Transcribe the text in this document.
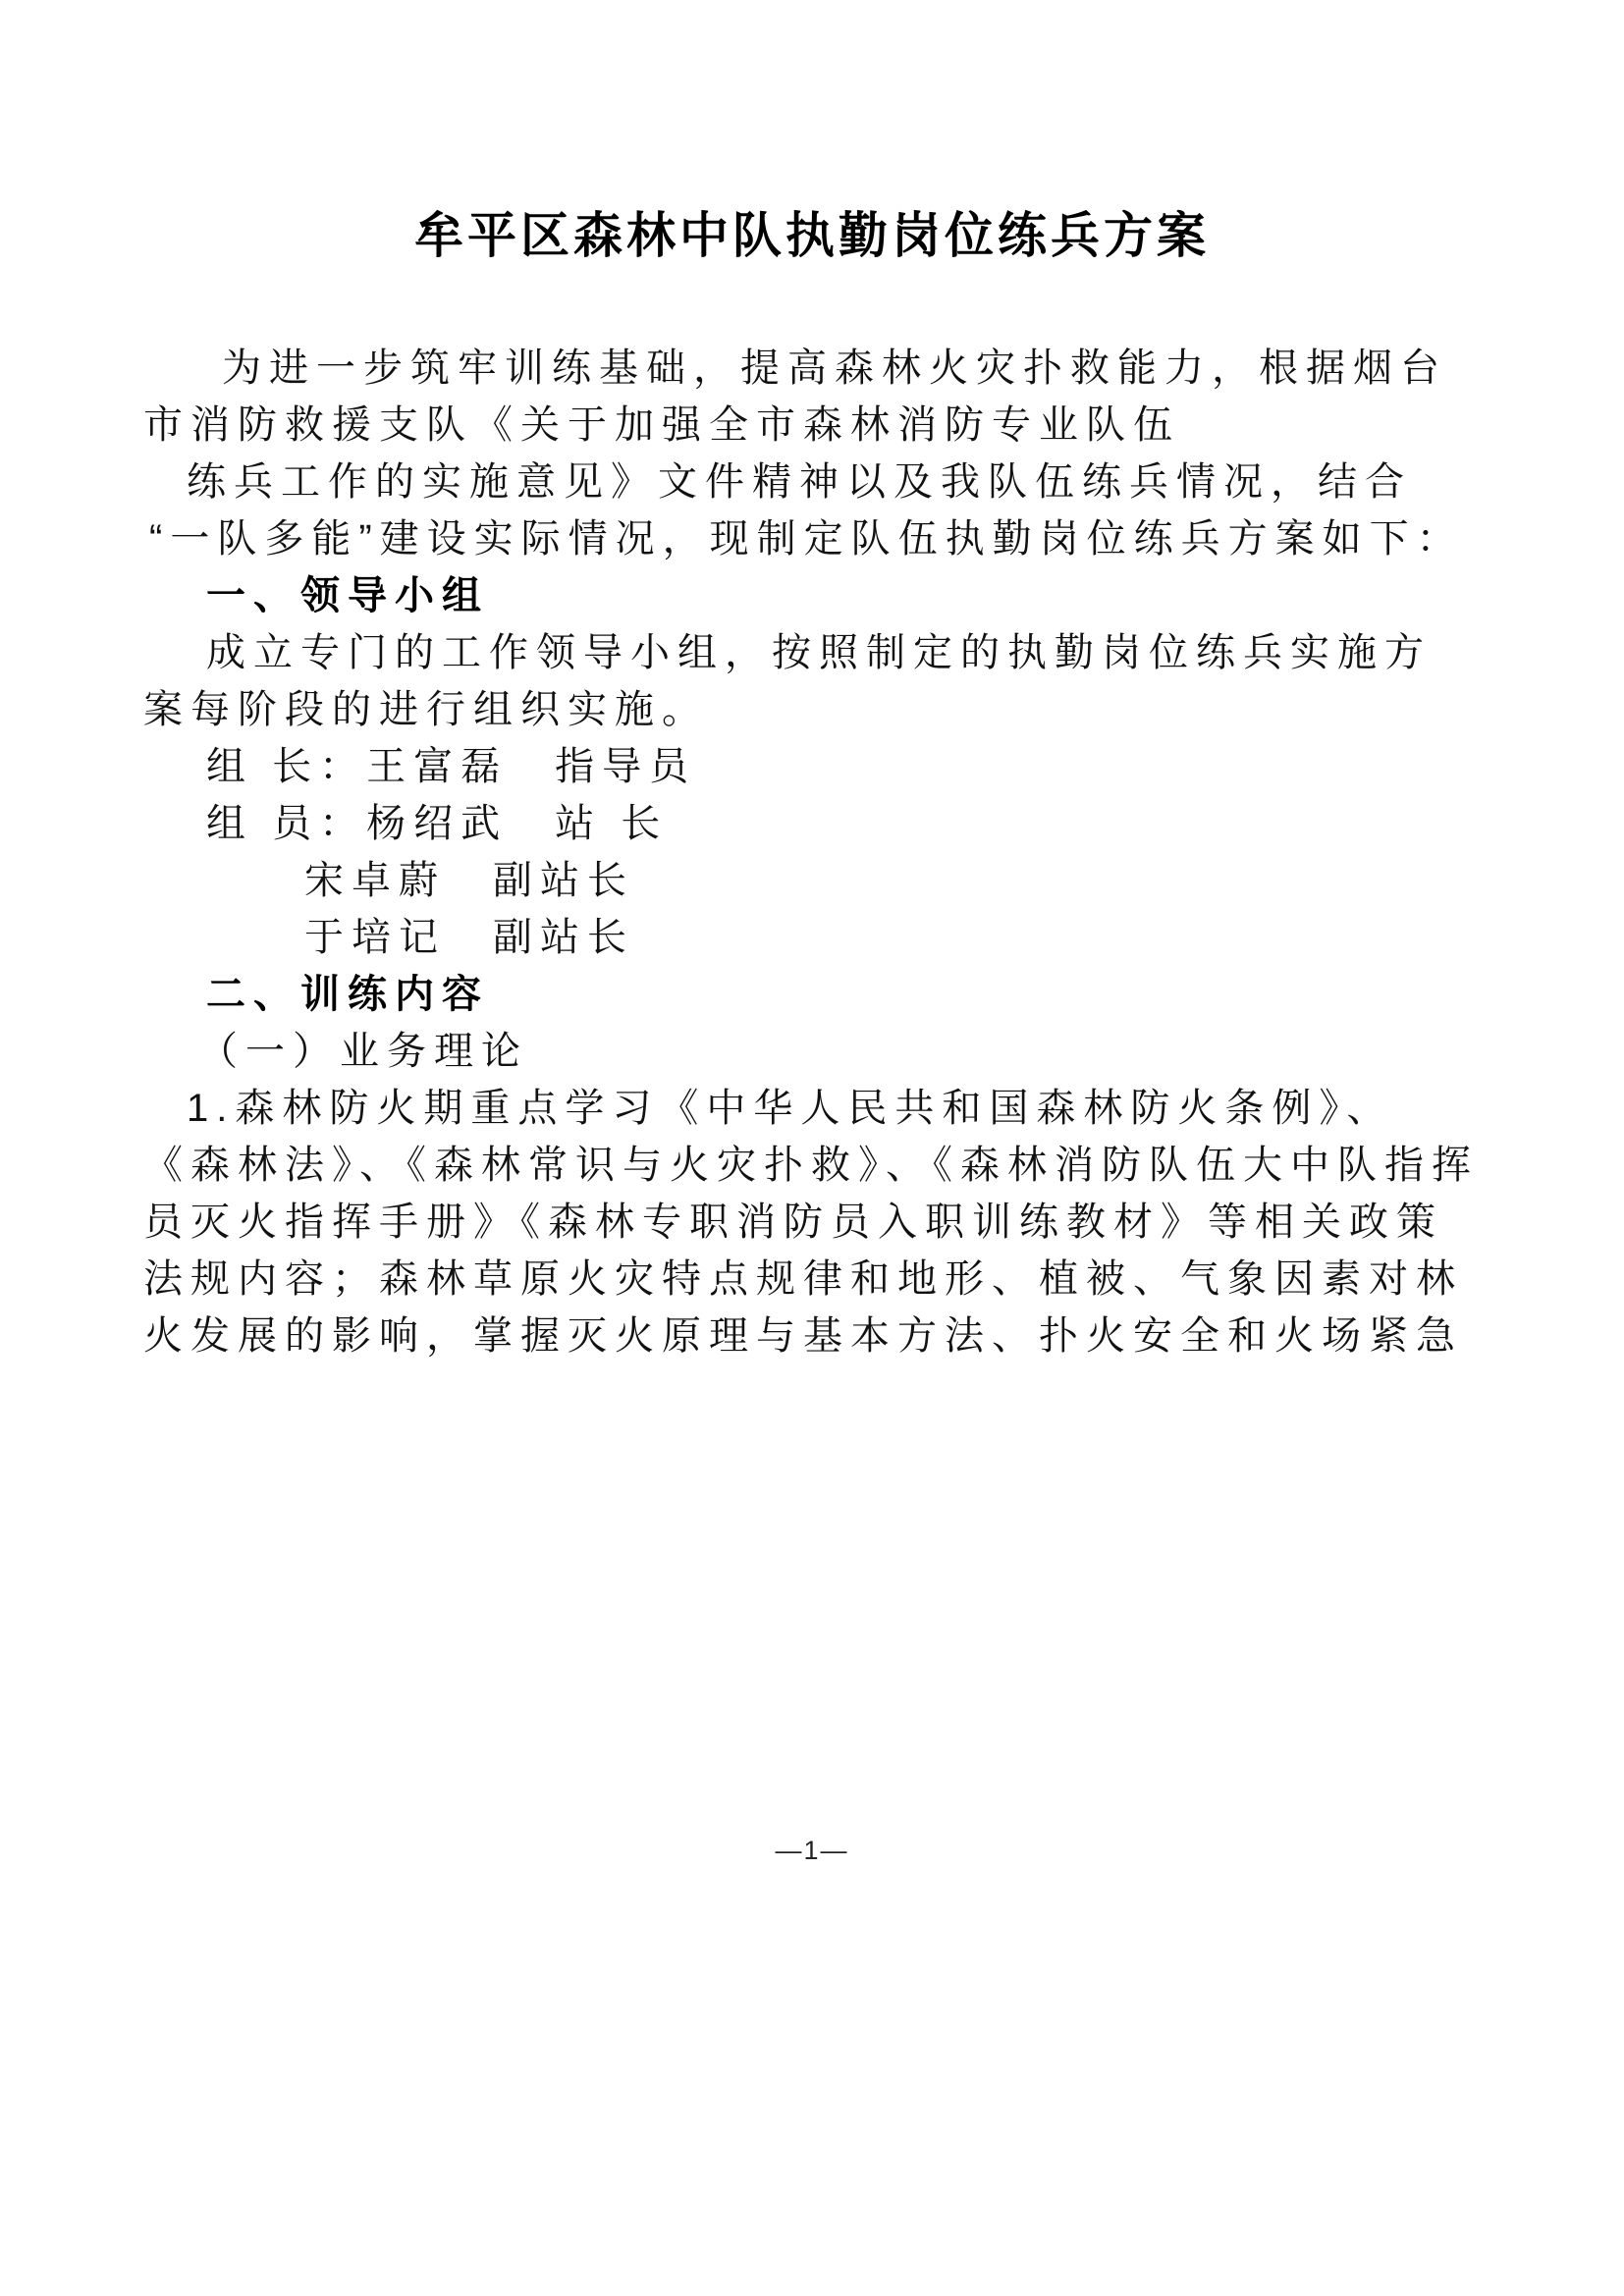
牟平区森林中队执勤岗位练兵方案
为进一步筑牢训练基础，提高森林火灾扑救能力，根据烟台
市消防救援支队《关于加强全市森林消防专业队伍
练兵工作的实施意见》文件精神以及我队伍练兵情况，结合
“一队多能”建设实际情况，现制定队伍执勤岗位练兵方案如下：
一、领导小组
成立专门的工作领导小组，按照制定的执勤岗位练兵实施方
案每阶段的进行组织实施。
组 长：王富磊　指导员
组 员：杨绍武　站 长
宋卓蔚　副站长
于培记　副站长
二、训练内容
（一）业务理论
1.森林防火期重点学习《中华人民共和国森林防火条例》、
《森林法》、《森林常识与火灾扑救》、《森林消防队伍大中队指挥
员灭火指挥手册》《森林专职消防员入职训练教材》等相关政策
法规内容；森林草原火灾特点规律和地形、植被、气象因素对林
火发展的影响，掌握灭火原理与基本方法、扑火安全和火场紧急
—1—
